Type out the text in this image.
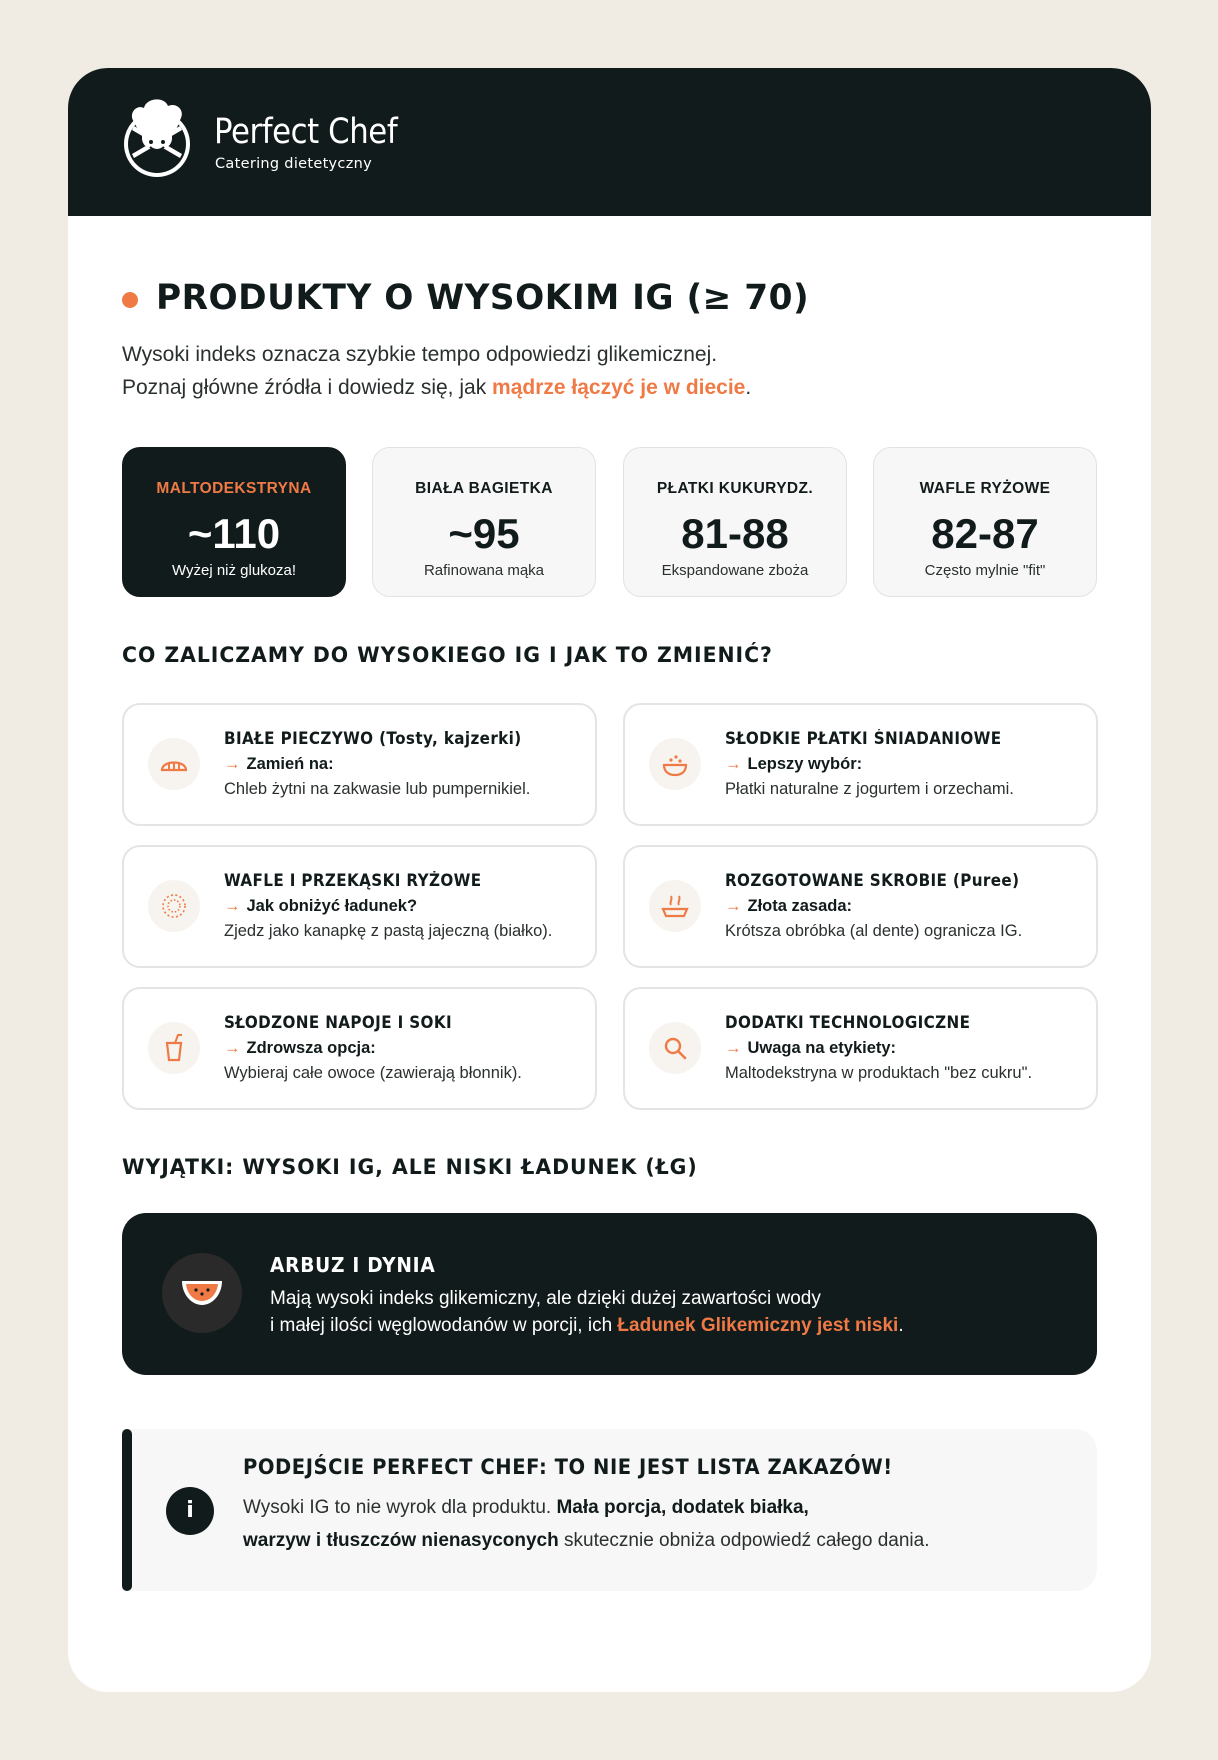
Perfect Chef
Catering dietetyczny
PRODUKTY O WYSOKIM IG (≥ 70)
Wysoki indeks oznacza szybkie tempo odpowiedzi glikemicznej.
Poznaj główne źródła i dowiedz się, jak mądrze łączyć je w diecie.
MALTODEKSTRYNA
~110
Wyżej niż glukoza!
BIAŁA BAGIETKA
~95
Rafinowana mąka
PŁATKI KUKURYDZ.
81-88
Ekspandowane zboża
WAFLE RYŻOWE
82-87
Często mylnie "fit"
CO ZALICZAMY DO WYSOKIEGO IG I JAK TO ZMIENIĆ?
BIAŁE PIECZYWO (Tosty, kajzerki)
→ Zamień na:
Chleb żytni na zakwasie lub pumpernikiel.
SŁODKIE PŁATKI ŚNIADANIOWE
→ Lepszy wybór:
Płatki naturalne z jogurtem i orzechami.
WAFLE I PRZEKĄSKI RYŻOWE
→ Jak obniżyć ładunek?
Zjedz jako kanapkę z pastą jajeczną (białko).
ROZGOTOWANE SKROBIE (Puree)
→ Złota zasada:
Krótsza obróbka (al dente) ogranicza IG.
SŁODZONE NAPOJE I SOKI
→ Zdrowsza opcja:
Wybieraj całe owoce (zawierają błonnik).
DODATKI TECHNOLOGICZNE
→ Uwaga na etykiety:
Maltodekstryna w produktach "bez cukru".
WYJĄTKI: WYSOKI IG, ALE NISKI ŁADUNEK (ŁG)
ARBUZ I DYNIA
Mają wysoki indeks glikemiczny, ale dzięki dużej zawartości wody
i małej ilości węglowodanów w porcji, ich Ładunek Glikemiczny jest niski.
i
PODEJŚCIE PERFECT CHEF: TO NIE JEST LISTA ZAKAZÓW!
Wysoki IG to nie wyrok dla produktu. Mała porcja, dodatek białka,
warzyw i tłuszczów nienasyconych skutecznie obniża odpowiedź całego dania.
